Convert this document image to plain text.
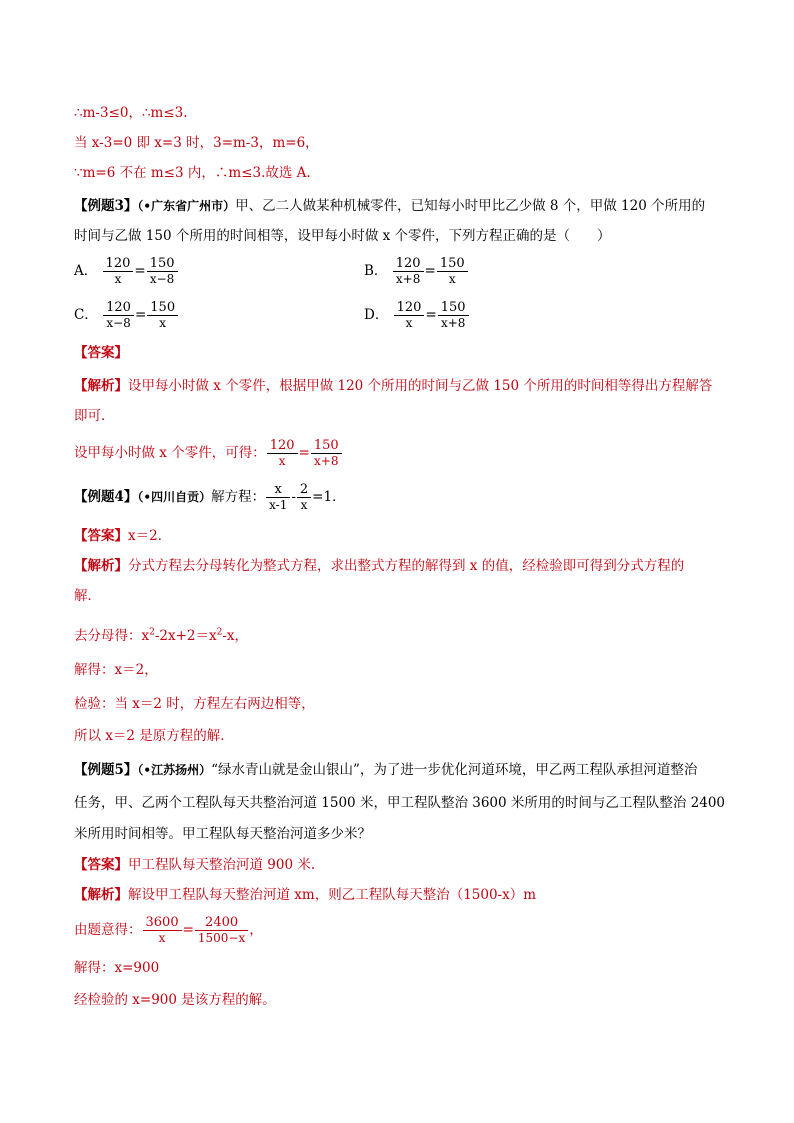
∴m-3≤0，∴m≤3.
当 x-3=0 即 x=3 时，3=m-3，m=6，
∵m=6 不在 m≤3 内，∴m≤3.故选 A.
【例题3】（•广东省广州市）甲、乙二人做某种机械零件，已知每小时甲比乙少做 8 个，甲做 120 个所用的
时间与乙做 150 个所用的时间相等，设甲每小时做 x 个零件，下列方程正确的是（　　）
A． $\frac{120}{x} = \frac{150}{x-8}$	B． $\frac{120}{x+8} = \frac{150}{x}$
C． $\frac{120}{x-8} = \frac{150}{x}$	D． $\frac{120}{x} = \frac{150}{x+8}$
【答案】
【解析】设甲每小时做 x 个零件，根据甲做 120 个所用的时间与乙做 150 个所用的时间相等得出方程解答
即可．
设甲每小时做 x 个零件，可得： $\frac{120}{x} = \frac{150}{x+8}$
【例题4】（•四川自贡）解方程： $\frac{x}{x-1} - \frac{2}{x} =1$．
【答案】x＝2．
【解析】分式方程去分母转化为整式方程，求出整式方程的解得到 x 的值，经检验即可得到分式方程的
解．
去分母得：$x^2-2x+2=x^2-x$，
解得：x＝2，
检验：当 x＝2 时，方程左右两边相等，
所以 x＝2 是原方程的解．
【例题5】（•江苏扬州）“绿水青山就是金山银山”，为了进一步优化河道环境，甲乙两工程队承担河道整治
任务，甲、乙两个工程队每天共整治河道 1500 米，甲工程队整治 3600 米所用的时间与乙工程队整治 2400
米所用时间相等。甲工程队每天整治河道多少米？
【答案】甲工程队每天整治河道 900 米.
【解析】解设甲工程队每天整治河道 xm，则乙工程队每天整治（1500-x）m
由题意得： $\frac{3600}{x} = \frac{2400}{1500-x}$ ，
解得：x=900
经检验的 x=900 是该方程的解。
